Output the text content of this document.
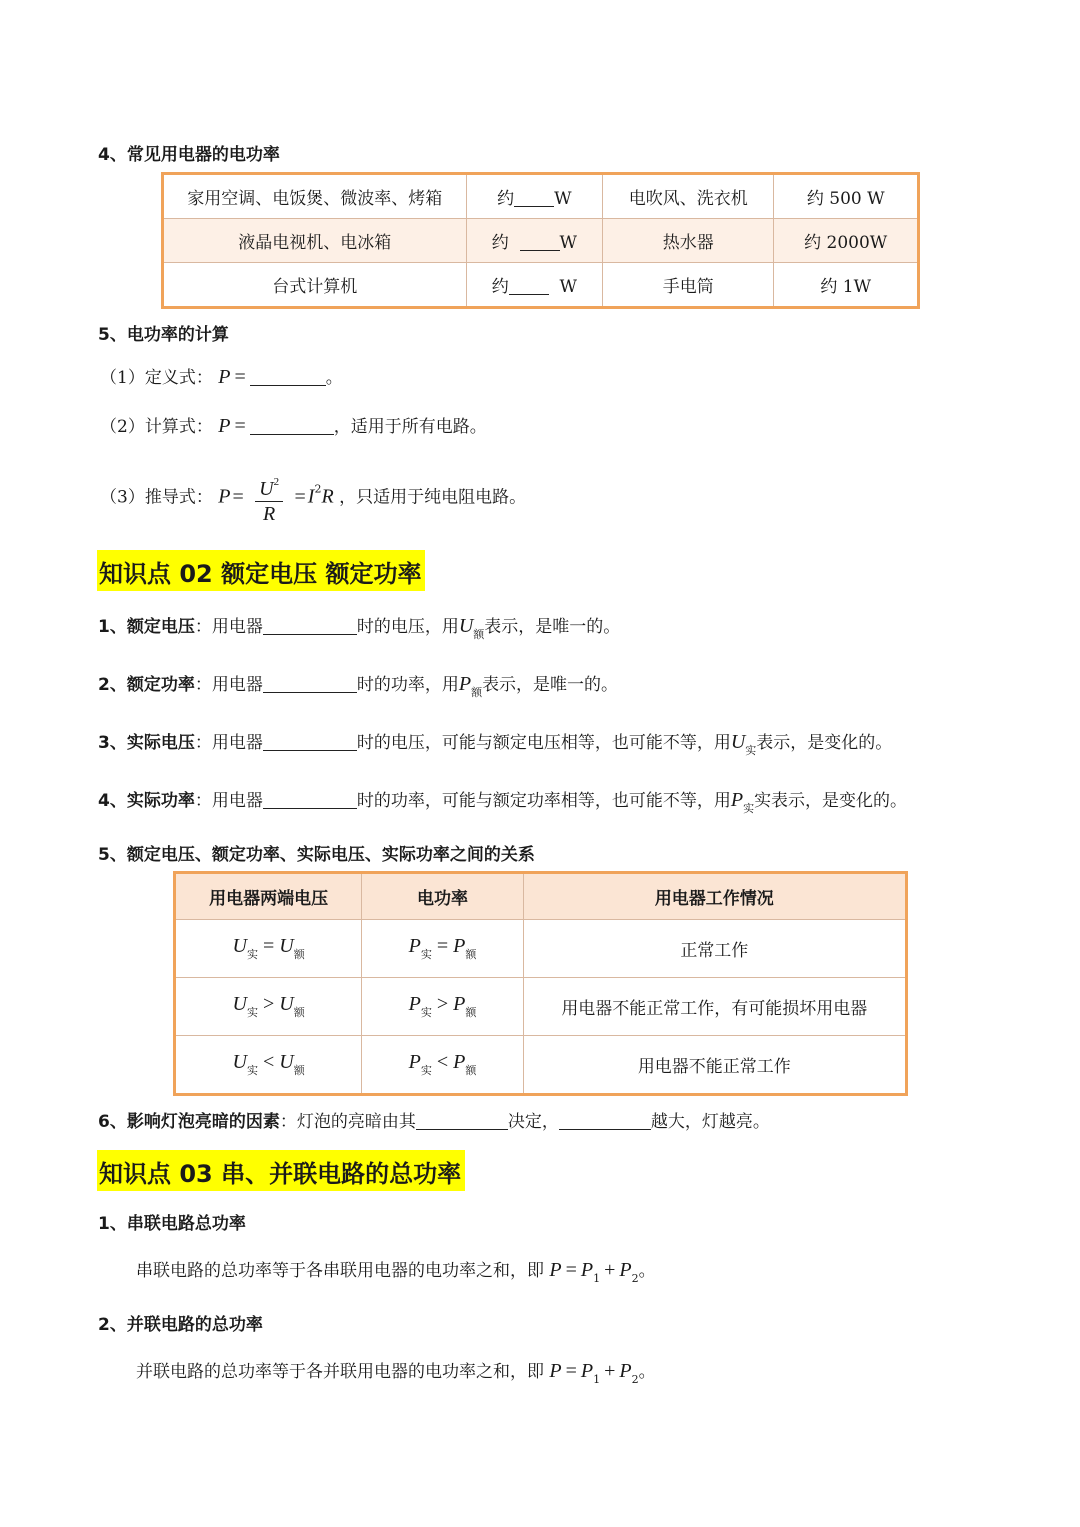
4、常见用电器的电功率
家用空调、电饭煲、微波率、烤箱	约 W	电吹风、洗衣机	约 500 W
液晶电视机、电冰箱	约 W	热水器	约 2000W
台式计算机	约 W	手电筒	约 1W
5、电功率的计算
（1）定义式： P =	。
（2）计算式： P =	，适用于所有电路。
（3）推导式： $P = \frac{U^2}{R} = I^2R$ ，只适用于纯电阻电路。
知识点 02 额定电压 额定功率
1、额定电压：用电器	时的电压，用$U_额$表示，是唯一的。
2、额定功率：用电器	时的功率，用$P_额$表示，是唯一的。
3、实际电压：用电器	时的电压，可能与额定电压相等，也可能不等，用$U_实$表示，是变化的。
4、实际功率：用电器	时的功率，可能与额定功率相等，也可能不等，用$P_实$实表示，是变化的。
5、额定电压、额定功率、实际电压、实际功率之间的关系
用电器两端电压	电功率	用电器工作情况
$U_实 = U_额$	$P_实 = P_额$	正常工作
$U_实 > U_额$	$P_实 > P_额$	用电器不能正常工作，有可能损坏用电器
$U_实 < U_额$	$P_实 < P_额$	用电器不能正常工作
6、影响灯泡亮暗的因素：灯泡的亮暗由其	决定，	越大，灯越亮。
知识点 03 串、并联电路的总功率
1、串联电路总功率
串联电路的总功率等于各串联用电器的电功率之和，即 $P = P_1 + P_2$。
2、并联电路的总功率
并联电路的总功率等于各并联用电器的电功率之和，即 $P = P_1 + P_2$。
